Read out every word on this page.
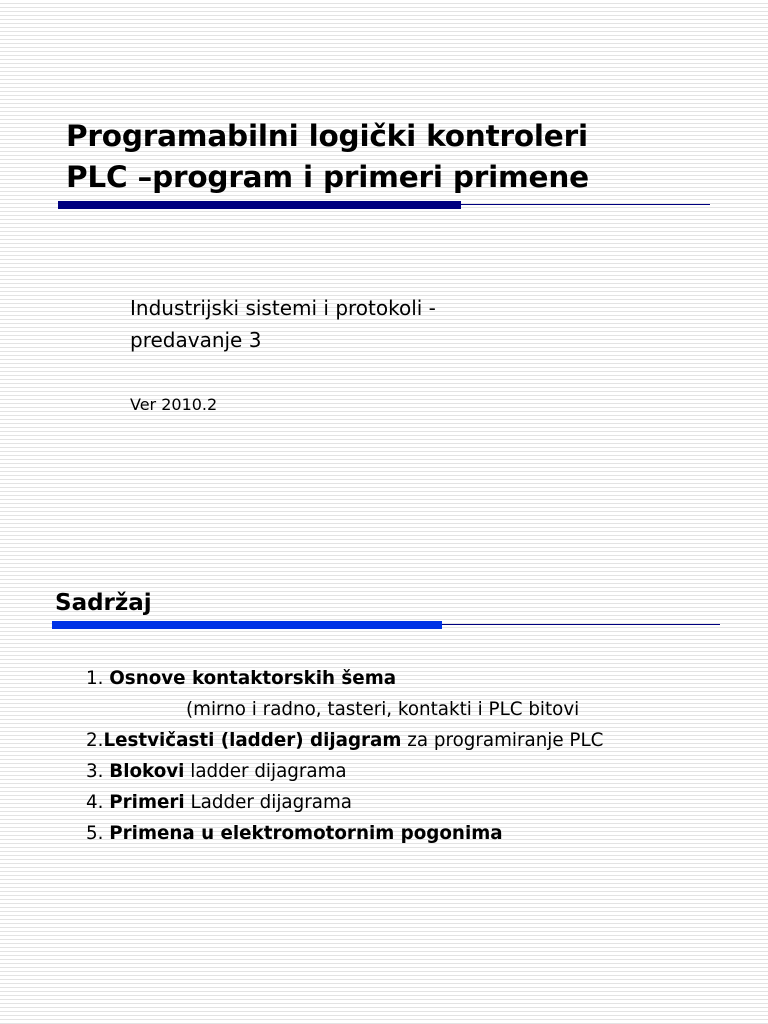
Programabilni logički kontroleri
PLC –program i primeri primene
Industrijski sistemi i protokoli -
predavanje 3
Ver 2010.2
Sadržaj
1. Osnove kontaktorskih šema
(mirno i radno, tasteri, kontakti i PLC bitovi
2.Lestvičasti (ladder) dijagram za programiranje PLC
3. Blokovi ladder dijagrama
4. Primeri Ladder dijagrama
5. Primena u elektromotornim pogonima
